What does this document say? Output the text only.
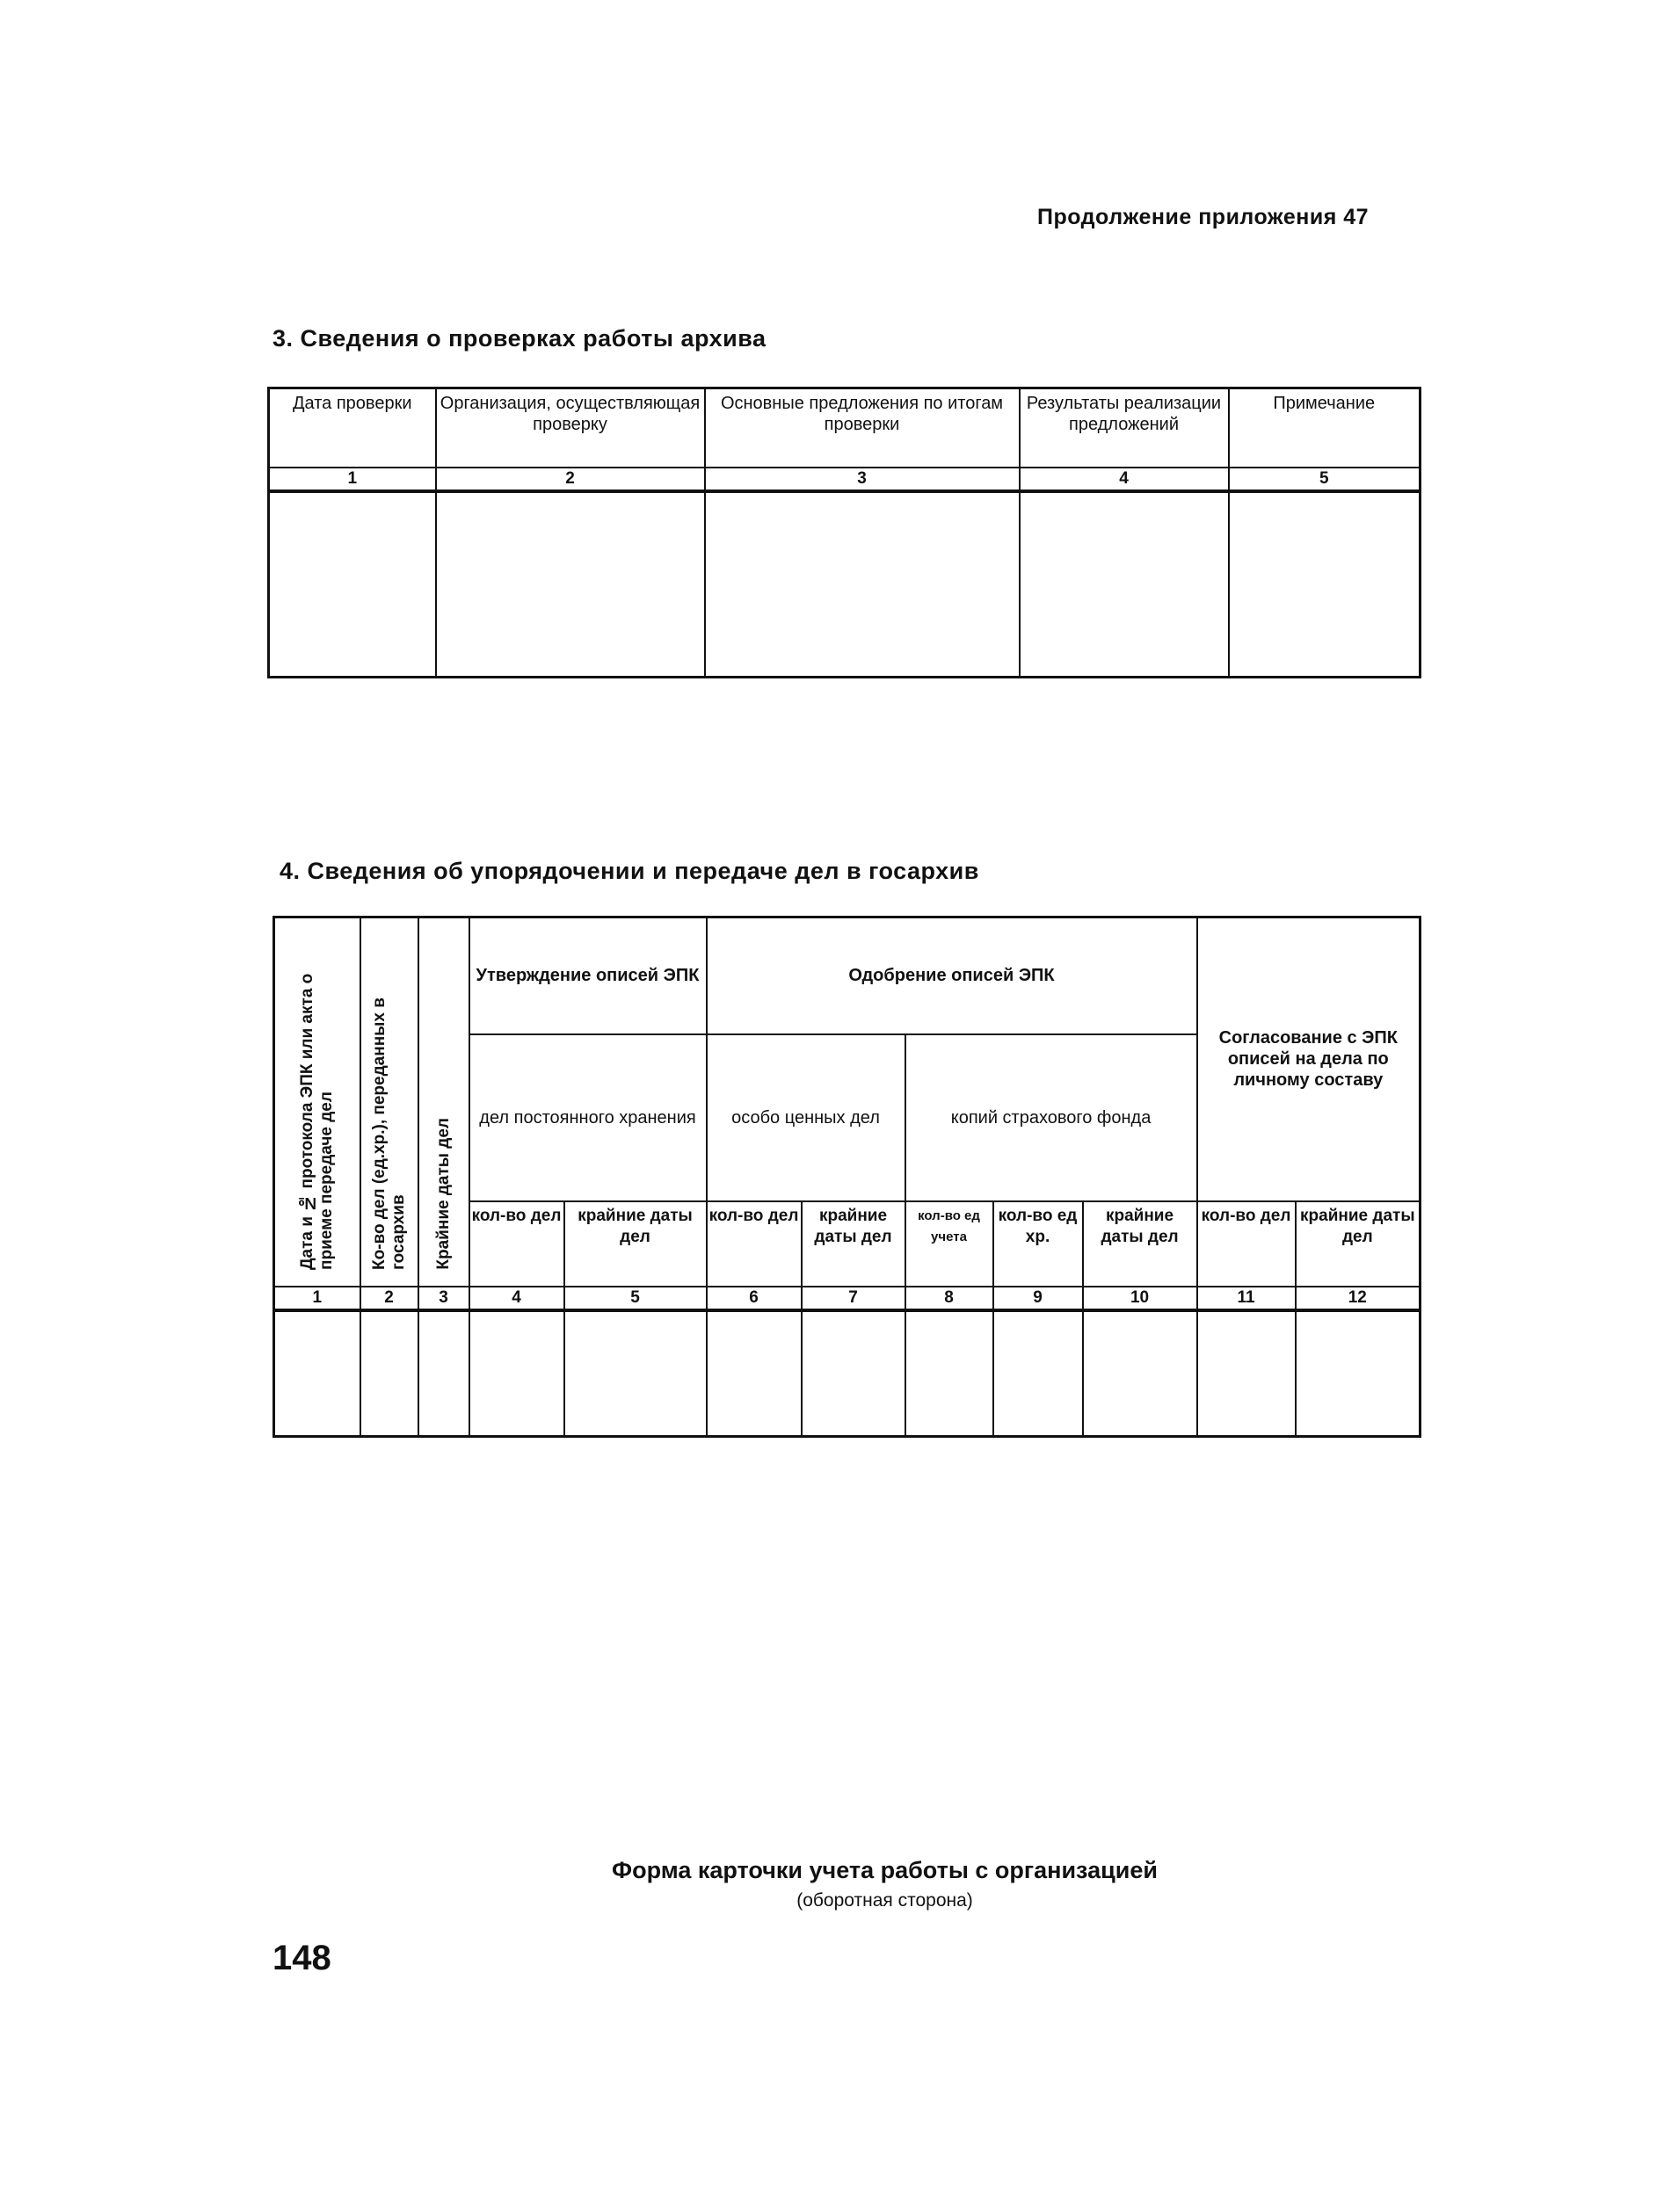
Продолжение приложения 47
3. Сведения о проверках работы архива
Дата проверки	Организация, осуществляющая проверку	Основные предложения по итогам проверки	Результаты реализации предложений	Примечание
1	2	3	4	5

4. Сведения об упорядочении и передаче дел в госархив
Дата и № протокола ЭПК или акта о приеме передаче дел	Ко-во дел (ед.хр.), переданных в госархив	Крайние даты дел	Утверждение описей ЭПК		Одобрение описей ЭПК					Согласование с ЭПК описей на дела по личному составу	
			дел постоянного хранения		особо ценных дел		копий страхового фонда				
			кол-во дел	крайние даты дел	кол-во дел	крайние даты дел	кол-во ед учета	кол-во ед хр.	крайние даты дел	кол-во дел	крайние даты дел
1	2	3	4	5	6	7	8	9	10	11	12

Форма карточки учета работы с организацией
(оборотная сторона)
148
